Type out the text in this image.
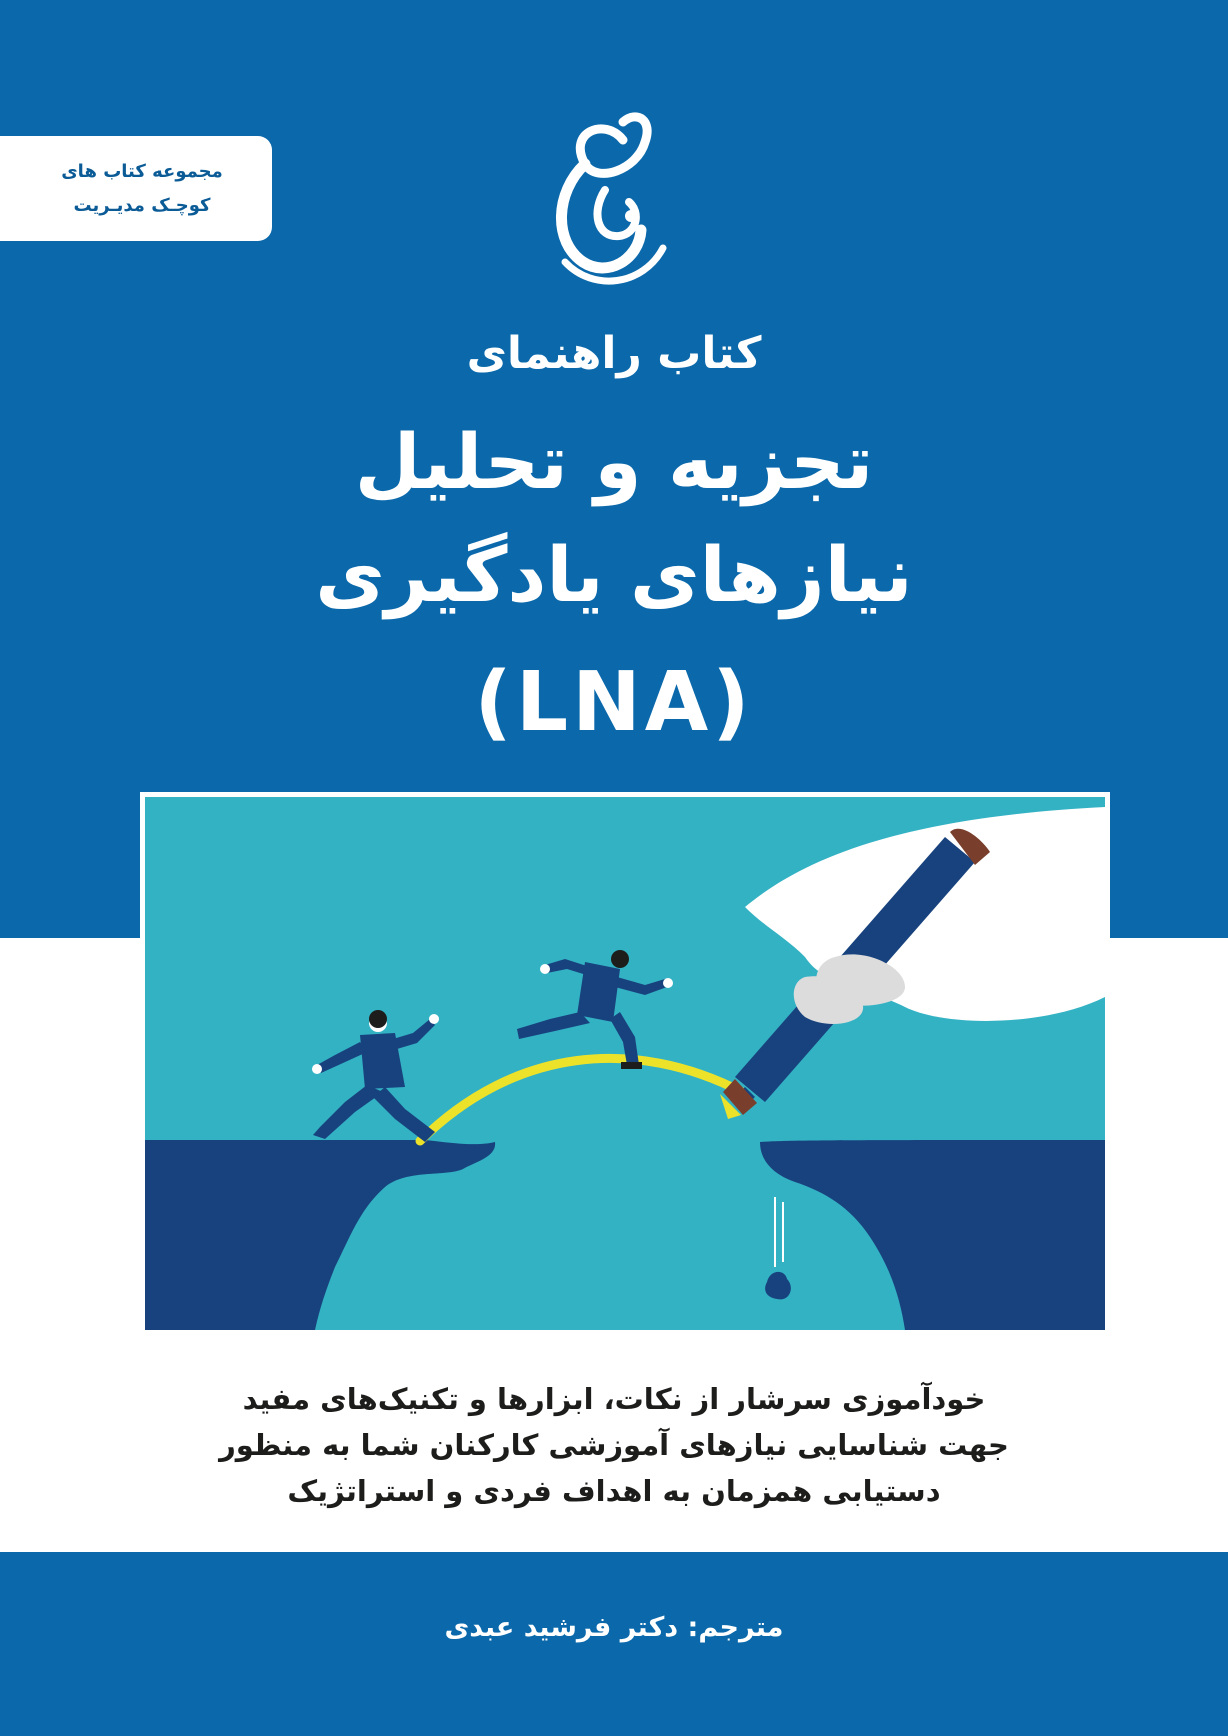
مجموعه کتاب های
کوچـک مدیـریت
کتاب راهنمای
تجزیه و تحلیل
نیازهای یادگیری
(LNA)
خودآموزی سرشار از نکات، ابزارها و تکنیک‌های مفید
جهت شناسایی نیازهای آموزشی کارکنان شما به منظور
دستیابی همزمان به اهداف فردی و استراتژیک
مترجم: دکتر فرشید عبدی
